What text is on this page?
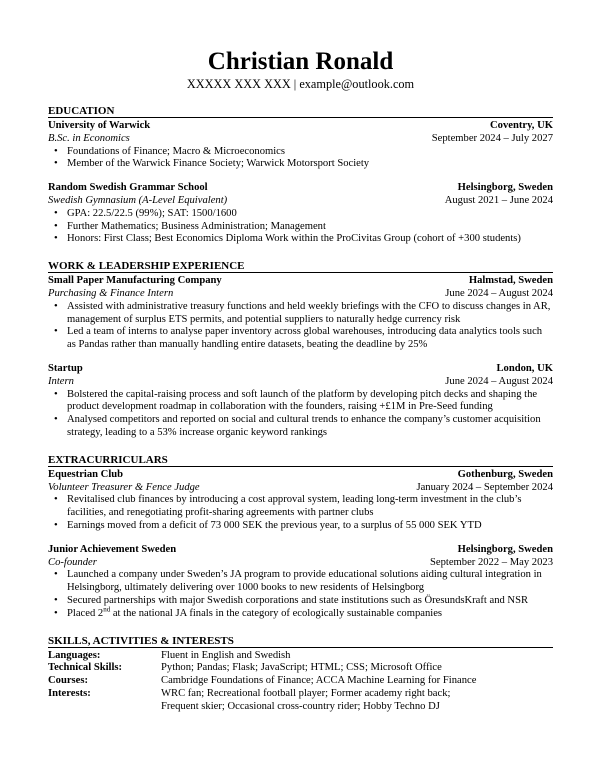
Christian Ronald
XXXXX XXX XXX | example@outlook.com
EDUCATION
University of Warwick	Coventry, UK
B.Sc. in Economics	September 2024 – July 2027
• Foundations of Finance; Macro & Microeconomics
• Member of the Warwick Finance Society; Warwick Motorsport Society
Random Swedish Grammar School	Helsingborg, Sweden
Swedish Gymnasium (A-Level Equivalent)	August 2021 – June 2024
• GPA: 22.5/22.5 (99%); SAT: 1500/1600
• Further Mathematics; Business Administration; Management
• Honors: First Class; Best Economics Diploma Work within the ProCivitas Group (cohort of +300 students)
WORK & LEADERSHIP EXPERIENCE
Small Paper Manufacturing Company	Halmstad, Sweden
Purchasing & Finance Intern	June 2024 – August 2024
• Assisted with administrative treasury functions and held weekly briefings with the CFO to discuss changes in AR, management of surplus ETS permits, and potential suppliers to naturally hedge currency risk
• Led a team of interns to analyse paper inventory across global warehouses, introducing data analytics tools such as Pandas rather than manually handling entire datasets, beating the deadline by 25%
Startup	London, UK
Intern	June 2024 – August 2024
• Bolstered the capital-raising process and soft launch of the platform by developing pitch decks and shaping the product development roadmap in collaboration with the founders, raising +£1M in Pre-Seed funding
• Analysed competitors and reported on social and cultural trends to enhance the company’s customer acquisition strategy, leading to a 53% increase organic keyword rankings
EXTRACURRICULARS
Equestrian Club	Gothenburg, Sweden
Volunteer Treasurer & Fence Judge	January 2024 – September 2024
• Revitalised club finances by introducing a cost approval system, leading long-term investment in the club’s facilities, and renegotiating profit-sharing agreements with partner clubs
• Earnings moved from a deficit of 73 000 SEK the previous year, to a surplus of 55 000 SEK YTD
Junior Achievement Sweden	Helsingborg, Sweden
Co-founder	September 2022 – May 2023
• Launched a company under Sweden’s JA program to provide educational solutions aiding cultural integration in Helsingborg, ultimately delivering over 1000 books to new residents of Helsingborg
• Secured partnerships with major Swedish corporations and state institutions such as ÖresundsKraft and NSR
• Placed 2nd at the national JA finals in the category of ecologically sustainable companies
SKILLS, ACTIVITIES & INTERESTS
Languages:	Fluent in English and Swedish
Technical Skills:	Python; Pandas; Flask; JavaScript; HTML; CSS; Microsoft Office
Courses:	Cambridge Foundations of Finance; ACCA Machine Learning for Finance
Interests:	WRC fan; Recreational football player; Former academy right back;
Frequent skier; Occasional cross-country rider; Hobby Techno DJ
